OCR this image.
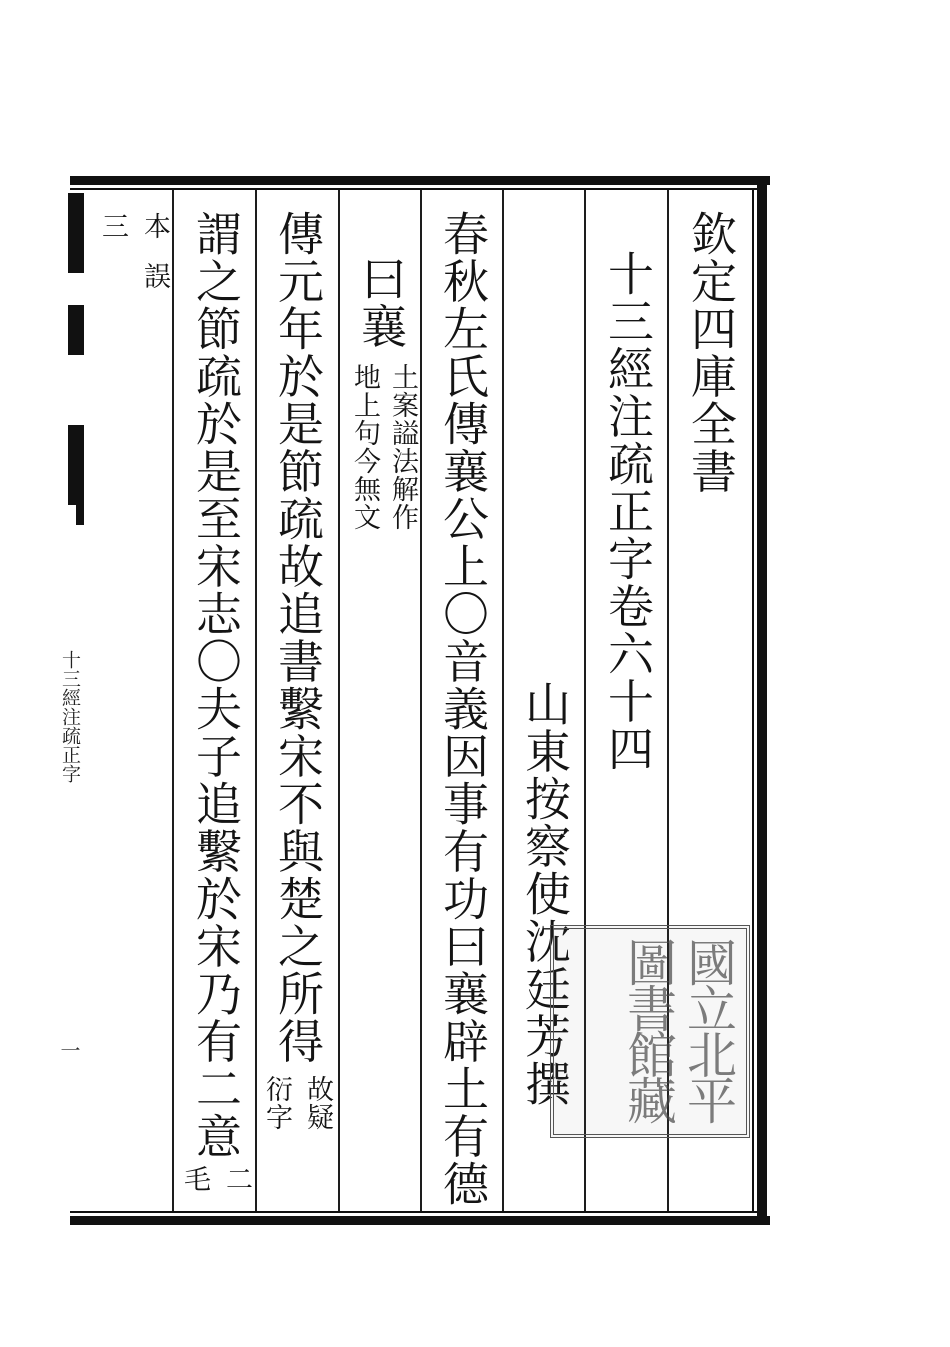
十三經注疏正字
一
欽定四庫全書
十三經注疏正字卷六十四
山東按察使沈廷芳撰
春秋左氏傳襄公上〇音義因事有功曰襄辟土有德
曰襄
土案謚法解作
地上句今無文
傳元年於是節疏故追書繫宋不與楚之所得
故疑
衍字
謂之節疏於是至宋志〇夫子追繫於宋乃有二意
二
毛
本
誤
三
國立北平圖書館藏
